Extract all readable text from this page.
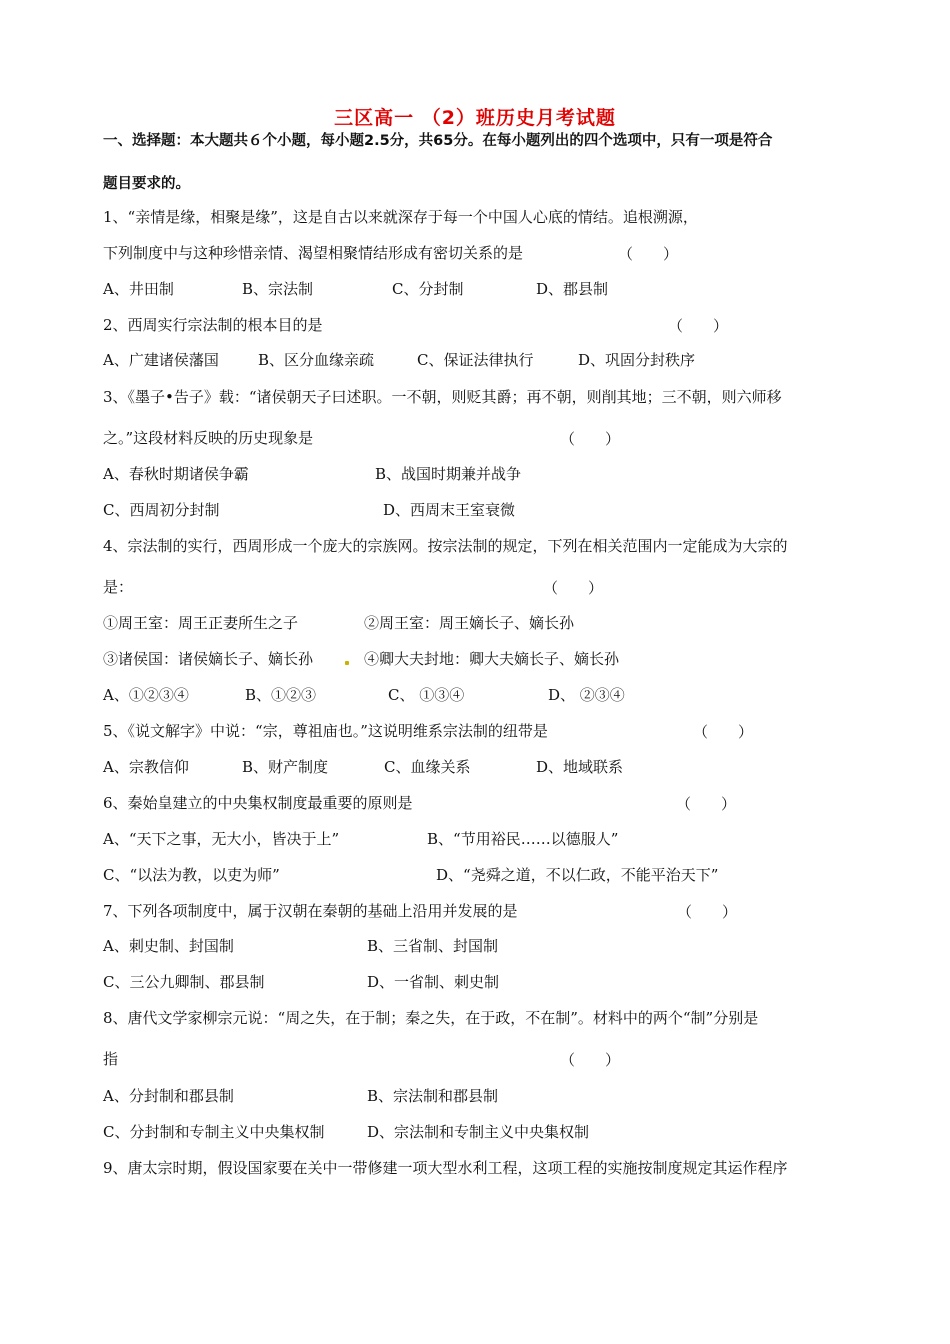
三区高一 （2）班历史月考试题
一、选择题：本大题共６个小题，每小题2.5分，共65分。在每小题列出的四个选项中，只有一项是符合
题目要求的。
1、“亲情是缘，相聚是缘”，这是自古以来就深存于每一个中国人心底的情结。追根溯源，
下列制度中与这种珍惜亲情、渴望相聚情结形成有密切关系的是	（　　）
A、井田制	B、宗法制	C、分封制	D、郡县制
2、西周实行宗法制的根本目的是	（　　）
A、广建诸侯藩国	B、区分血缘亲疏	C、保证法律执行	D、巩固分封秩序
3、《墨子•告子》载：“诸侯朝天子曰述职。一不朝，则贬其爵；再不朝，则削其地；三不朝，则六师移
之。”这段材料反映的历史现象是	（　　）
A、春秋时期诸侯争霸	B、战国时期兼并战争
C、西周初分封制	D、西周末王室衰微
4、宗法制的实行，西周形成一个庞大的宗族网。按宗法制的规定，下列在相关范围内一定能成为大宗的
是：	（　　）
①周王室：周王正妻所生之子	②周王室：周王嫡长子、嫡长孙
③诸侯国：诸侯嫡长子、嫡长孙	④卿大夫封地：卿大夫嫡长子、嫡长孙
A、①②③④	B、①②③	C、 ①③④	D、 ②③④
5、《说文解字》中说：“宗，尊祖庙也。”这说明维系宗法制的纽带是	（　　）
A、宗教信仰	B、财产制度	C、血缘关系	D、地域联系
6、秦始皇建立的中央集权制度最重要的原则是	（　　）
A、“天下之事，无大小，皆决于上”	B、“节用裕民……以德服人”
C、“以法为教，以吏为师”	D、“尧舜之道，不以仁政，不能平治天下”
7、下列各项制度中，属于汉朝在秦朝的基础上沿用并发展的是	（　　）
A、刺史制、封国制	B、三省制、封国制
C、三公九卿制、郡县制	D、一省制、刺史制
8、唐代文学家柳宗元说：“周之失，在于制；秦之失，在于政，不在制”。材料中的两个“制”分别是
指	（　　）
A、分封制和郡县制	B、宗法制和郡县制
C、分封制和专制主义中央集权制	D、宗法制和专制主义中央集权制
9、唐太宗时期，假设国家要在关中一带修建一项大型水利工程，这项工程的实施按制度规定其运作程序
